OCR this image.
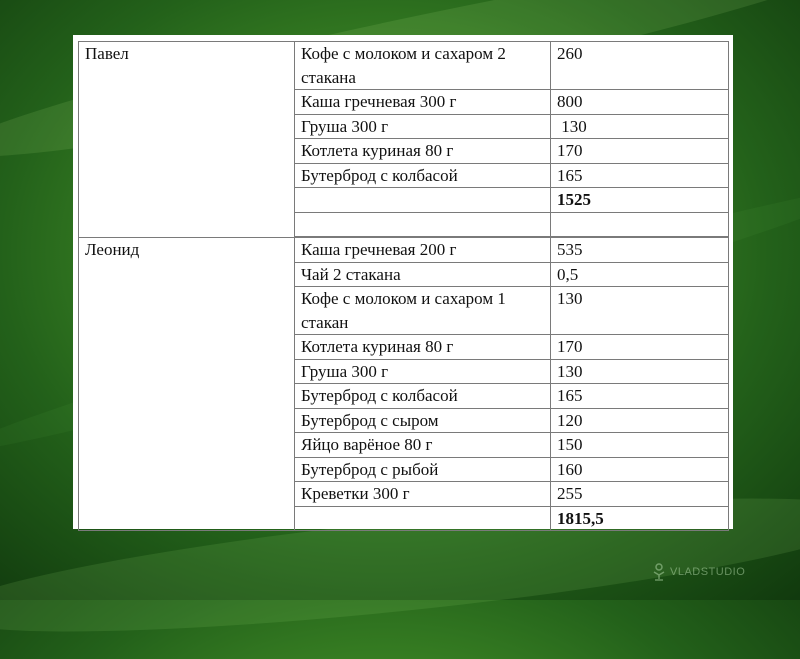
Павел	Кофе с молоком и сахаром 2 стакана	260
	Каша гречневая 300 г	800
	Груша 300 г	130
	Котлета куриная 80 г	170
	Бутерброд с колбасой	165
		1525

Леонид	Каша гречневая 200 г	535
	Чай 2 стакана	0,5
	Кофе с молоком и сахаром 1 стакан	130
	Котлета куриная 80 г	170
	Груша 300 г	130
	Бутерброд с колбасой	165
	Бутерброд с сыром	120
	Яйцо варёное 80 г	150
	Бутерброд с рыбой	160
	Креветки 300 г	255
		1815,5
VLADSTUDIO
